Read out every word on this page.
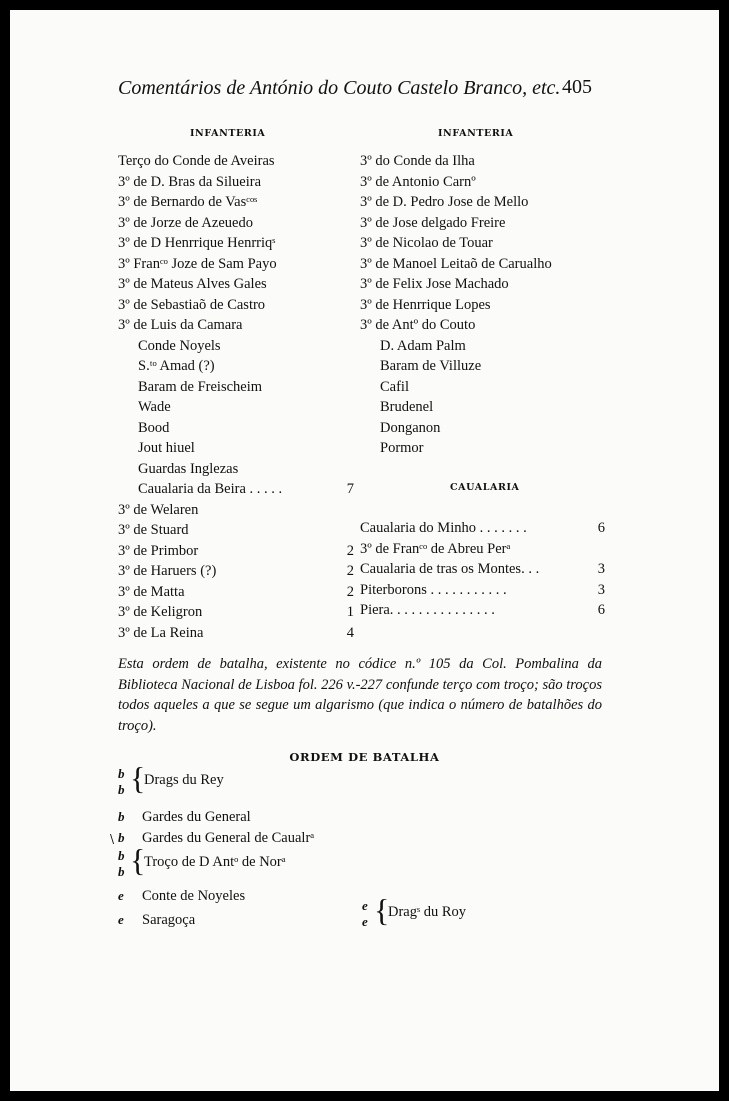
Comentários de António do Couto Castelo Branco, etc. 405
INFANTERIA	INFANTERIA
Terço do Conde de Aveiras
3º de D. Bras da Silueira
3º de Bernardo de Vasᶜᵒˢ
3º de Jorze de Azeuedo
3º de D Henrrique Henrriqˢ
3º Franᶜᵒ Joze de Sam Payo
3º de Mateus Alves Gales
3º de Sebastiaõ de Castro
3º de Luis da Camara
Conde Noyels
S.ᵗᵒ Amad (?)
Baram de Freischeim
Wade
Bood
Jout hiuel
Guardas Inglezas
Caualaria da Beira . . . . .	7
3º de Welaren
3º de Stuard
3º de Primbor	2
3º de Haruers (?)	2
3º de Matta	2
3º de Keligron	1
3º de La Reina	4
3º do Conde da Ilha
3º de Antonio Carnº
3º de D. Pedro Jose de Mello
3º de Jose delgado Freire
3º de Nicolao de Touar
3º de Manoel Leitaõ de Carualho
3º de Felix Jose Machado
3º de Henrrique Lopes
3º de Antº do Couto
D. Adam Palm
Baram de Villuze
Cafil
Brudenel
Donganon
Pormor
CAUALARIA
Caualaria do Minho . . . . . . .	6
3º de Franᶜᵒ de Abreu Perᵃ
Caualaria de tras os Montes. . .	3
Piterborons . . . . . . . . . . .	3
Piera. . . . . . . . . . . . . . .	6
Esta ordem de batalha, existente no códice n.º 105 da Col. Pombalina da Biblioteca Nacional de Lisboa fol. 226 v.-227 confunde terço com troço; são troços todos aqueles a que se segue um algarismo (que indica o número de batalhões do troço).
ORDEM DE BATALHA
b
b {
Drags du Rey
b Gardes du General
\ b Gardes du General de Caualrᵃ
b
b {
Troço de D Antᵒ de Norᵃ
e Conte de Noyeles
e Saragoça
e
e {
Dragˢ du Roy
